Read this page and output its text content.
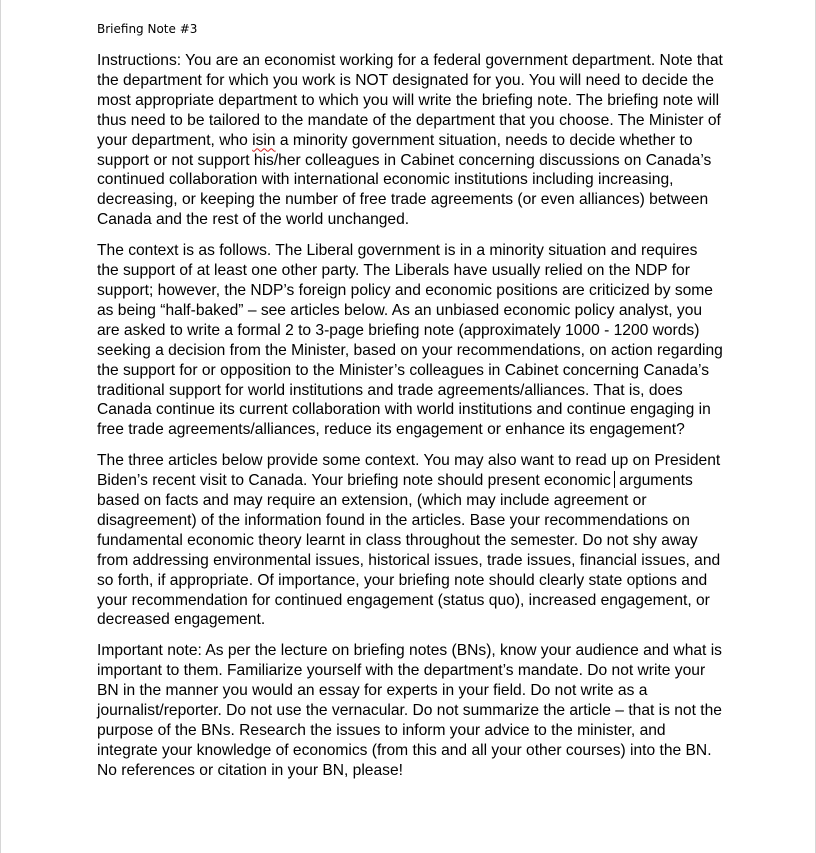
Briefing Note #3

Instructions: You are an economist working for a federal government department. Note that the department for which you work is NOT designated for you. You will need to decide the most appropriate department to which you will write the briefing note. The briefing note will thus need to be tailored to the mandate of the department that you choose. The Minister of your department, who isin a minority government situation, needs to decide whether to support or not support his/her colleagues in Cabinet concerning discussions on Canada’s continued collaboration with international economic institutions including increasing, decreasing, or keeping the number of free trade agreements (or even alliances) between Canada and the rest of the world unchanged.

The context is as follows. The Liberal government is in a minority situation and requires the support of at least one other party. The Liberals have usually relied on the NDP for support; however, the NDP’s foreign policy and economic positions are criticized by some as being “half-baked” – see articles below. As an unbiased economic policy analyst, you are asked to write a formal 2 to 3-page briefing note (approximately 1000 - 1200 words) seeking a decision from the Minister, based on your recommendations, on action regarding the support for or opposition to the Minister’s colleagues in Cabinet concerning Canada’s traditional support for world institutions and trade agreements/alliances. That is, does Canada continue its current collaboration with world institutions and continue engaging in free trade agreements/alliances, reduce its engagement or enhance its engagement?

The three articles below provide some context. You may also want to read up on President Biden’s recent visit to Canada. Your briefing note should present economic arguments based on facts and may require an extension, (which may include agreement or disagreement) of the information found in the articles. Base your recommendations on fundamental economic theory learnt in class throughout the semester. Do not shy away from addressing environmental issues, historical issues, trade issues, financial issues, and so forth, if appropriate. Of importance, your briefing note should clearly state options and your recommendation for continued engagement (status quo), increased engagement, or decreased engagement.

Important note: As per the lecture on briefing notes (BNs), know your audience and what is important to them. Familiarize yourself with the department’s mandate. Do not write your BN in the manner you would an essay for experts in your field. Do not write as a journalist/reporter. Do not use the vernacular. Do not summarize the article – that is not the purpose of the BNs. Research the issues to inform your advice to the minister, and integrate your knowledge of economics (from this and all your other courses) into the BN. No references or citation in your BN, please!
